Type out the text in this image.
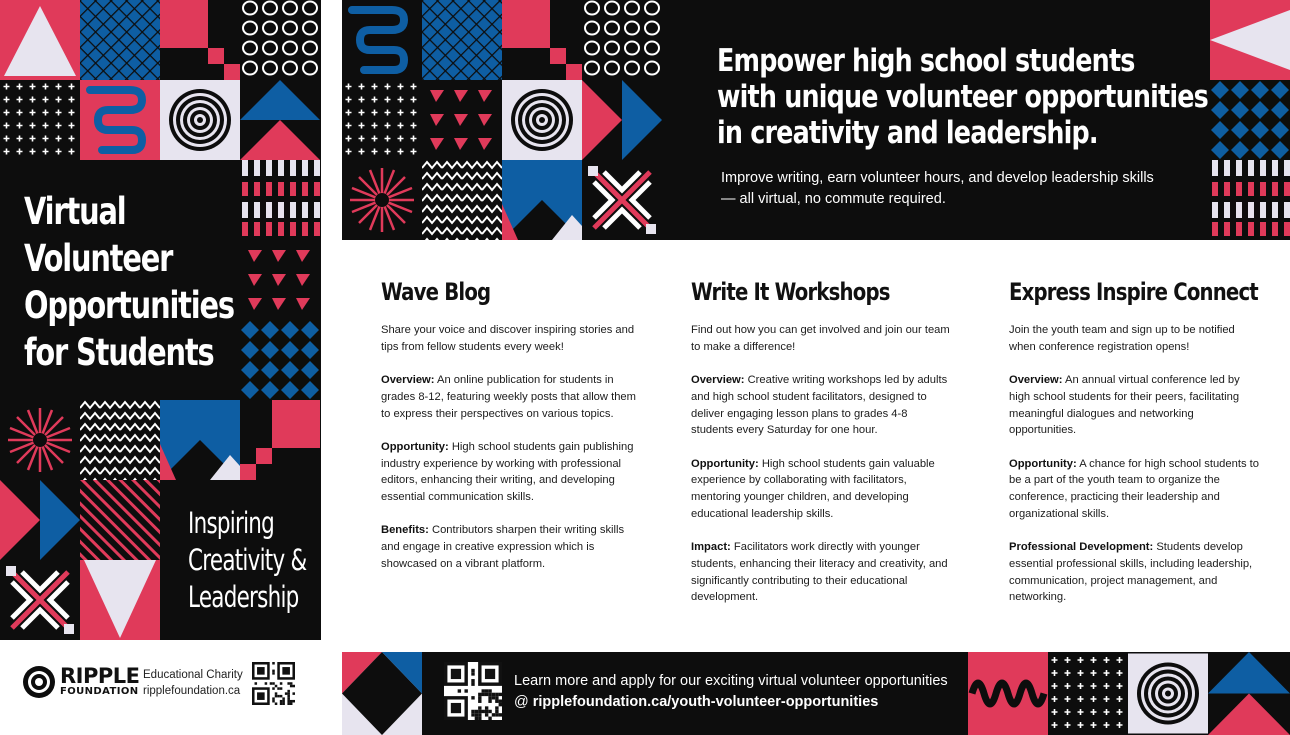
Virtual
Volunteer
Opportunities
for Students
Inspiring
Creativity &
Leadership
RIPPLE
FOUNDATION
Educational Charity
ripplefoundation.ca
Empower high school students
with unique volunteer opportunities
in creativity and leadership.
Improve writing, earn volunteer hours, and develop leadership skills — all virtual, no commute required.
Wave Blog

Share your voice and discover inspiring stories and tips from fellow students every week!

Overview: An online publication for students in grades 8-12, featuring weekly posts that allow them to express their perspectives on various topics.

Opportunity: High school students gain publishing industry experience by working with professional editors, enhancing their writing, and developing essential communication skills.

Benefits: Contributors sharpen their writing skills and engage in creative expression which is showcased on a vibrant platform.

Write It Workshops

Find out how you can get involved and join our team to make a difference!

Overview: Creative writing workshops led by adults and high school student facilitators, designed to deliver engaging lesson plans to grades 4-8 students every Saturday for one hour.

Opportunity: High school students gain valuable experience by collaborating with facilitators, mentoring younger children, and developing educational leadership skills.

Impact: Facilitators work directly with younger students, enhancing their literacy and creativity, and significantly contributing to their educational development.

Express Inspire Connect

Join the youth team and sign up to be notified when conference registration opens!

Overview: An annual virtual conference led by high school students for their peers, facilitating meaningful dialogues and networking opportunities.

Opportunity: A chance for high school students to be a part of the youth team to organize the conference, practicing their leadership and organizational skills.

Professional Development: Students develop essential professional skills, including leadership, communication, project management, and networking.

Learn more and apply for our exciting virtual volunteer opportunities
@ ripplefoundation.ca/youth-volunteer-opportunities
